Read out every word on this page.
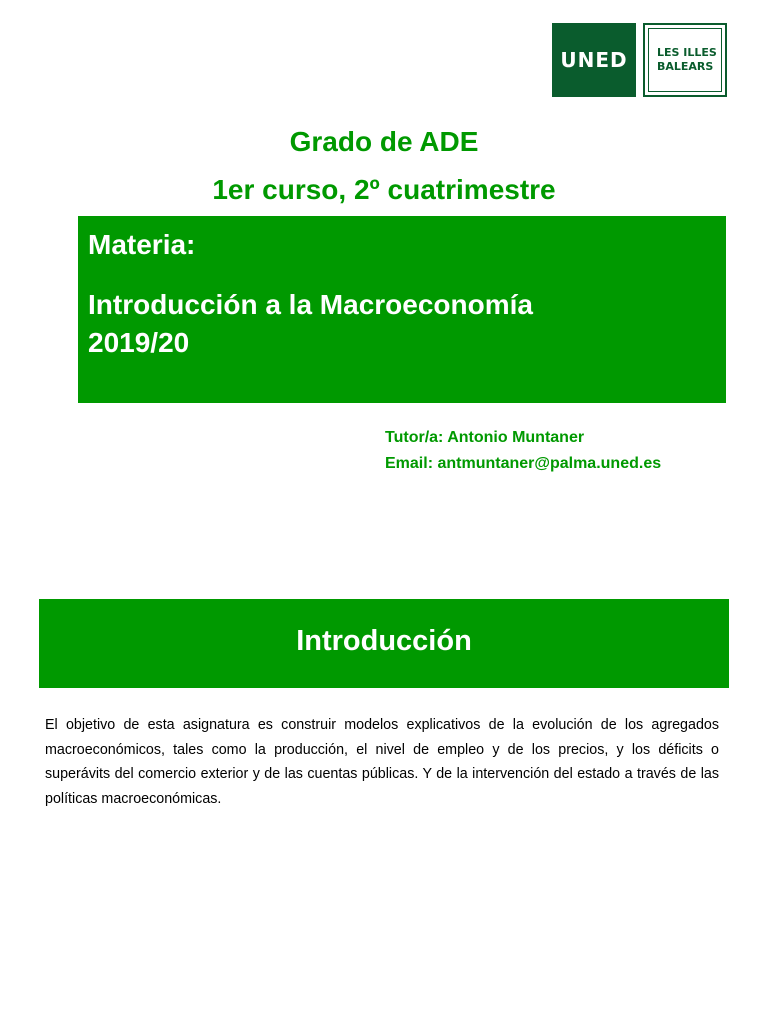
UNED	LES ILLES
BALEARS
Grado de ADE
1er curso, 2º cuatrimestre
Materia:
Introducción a la Macroeconomía
2019/20
Tutor/a: Antonio Muntaner
Email: antmuntaner@palma.uned.es
Introducción
El objetivo de esta asignatura es construir modelos explicativos de la evolución de los agregados macroeconómicos, tales como la producción, el nivel de empleo y de los precios, y los déficits o superávits del comercio exterior y de las cuentas públicas. Y de la intervención del estado a través de las políticas macroeconómicas.
